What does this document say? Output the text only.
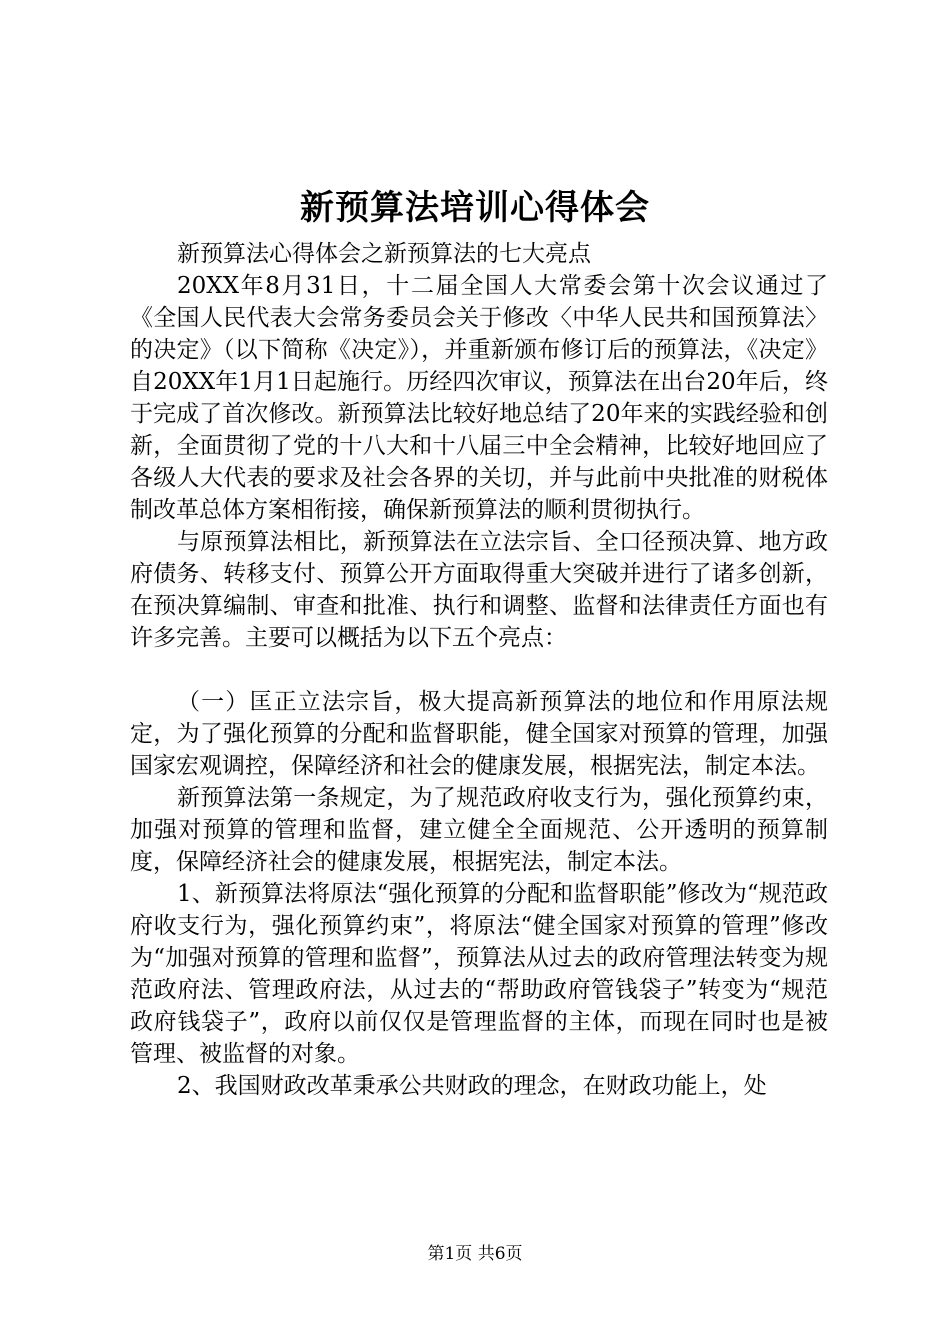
新预算法培训心得体会

新预算法心得体会之新预算法的七大亮点

20XX年8月31日，十二届全国人大常委会第十次会议通过了《全国人民代表大会常务委员会关于修改〈中华人民共和国预算法〉的决定》（以下简称《决定》），并重新颁布修订后的预算法，《决定》自20XX年1月1日起施行。历经四次审议，预算法在出台20年后，终于完成了首次修改。新预算法比较好地总结了20年来的实践经验和创新，全面贯彻了党的十八大和十八届三中全会精神，比较好地回应了各级人大代表的要求及社会各界的关切，并与此前中央批准的财税体制改革总体方案相衔接，确保新预算法的顺利贯彻执行。

与原预算法相比，新预算法在立法宗旨、全口径预决算、地方政府债务、转移支付、预算公开方面取得重大突破并进行了诸多创新，在预决算编制、审查和批准、执行和调整、监督和法律责任方面也有许多完善。主要可以概括为以下五个亮点：

（一）匡正立法宗旨，极大提高新预算法的地位和作用原法规定，为了强化预算的分配和监督职能，健全国家对预算的管理，加强国家宏观调控，保障经济和社会的健康发展，根据宪法，制定本法。

新预算法第一条规定，为了规范政府收支行为，强化预算约束，加强对预算的管理和监督，建立健全全面规范、公开透明的预算制度，保障经济社会的健康发展，根据宪法，制定本法。

1、新预算法将原法“强化预算的分配和监督职能”修改为“规范政府收支行为，强化预算约束”，将原法“健全国家对预算的管理”修改为“加强对预算的管理和监督”，预算法从过去的政府管理法转变为规范政府法、管理政府法，从过去的“帮助政府管钱袋子”转变为“规范政府钱袋子”，政府以前仅仅是管理监督的主体，而现在同时也是被管理、被监督的对象。

2、我国财政改革秉承公共财政的理念，在财政功能上，处

第1页 共6页
